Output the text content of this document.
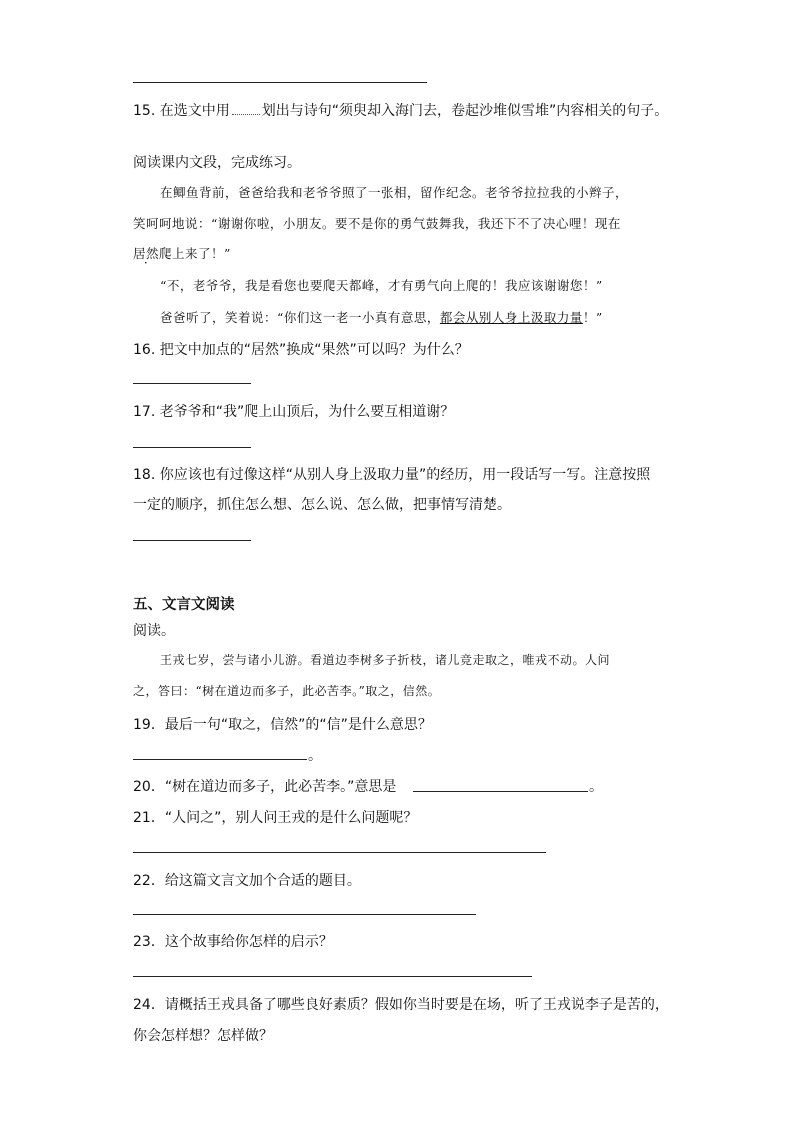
15. 在选文中用 划出与诗句“须臾却入海门去，卷起沙堆似雪堆”内容相关的句子。
阅读课内文段，完成练习。
在鲫鱼背前，爸爸给我和老爷爷照了一张相，留作纪念。老爷爷拉拉我的小辫子，
笑呵呵地说：“谢谢你啦，小朋友。要不是你的勇气鼓舞我，我还下不了决心哩！现在
居然爬上来了！”
“不，老爷爷，我是看您也要爬天都峰，才有勇气向上爬的！我应该谢谢您！”
爸爸听了，笑着说：“你们这一老一小真有意思，都会从别人身上汲取力量！”
16. 把文中加点的“居然”换成“果然”可以吗？为什么？
17. 老爷爷和“我”爬上山顶后，为什么要互相道谢？
18. 你应该也有过像这样“从别人身上汲取力量”的经历，用一段话写一写。注意按照
一定的顺序，抓住怎么想、怎么说、怎么做，把事情写清楚。
五、文言文阅读
阅读。
王戎七岁，尝与诸小儿游。看道边李树多子折枝，诸儿竞走取之，唯戎不动。人问
之，答曰：“树在道边而多子，此必苦李。”取之，信然。
19．最后一句“取之，信然”的“信”是什么意思？
。
20．“树在道边而多子，此必苦李。”意思是	。
21．“人问之”，别人问王戎的是什么问题呢？
22．给这篇文言文加个合适的题目。
23．这个故事给你怎样的启示？
24．请概括王戎具备了哪些良好素质？假如你当时要是在场，听了王戎说李子是苦的，
你会怎样想？怎样做？
